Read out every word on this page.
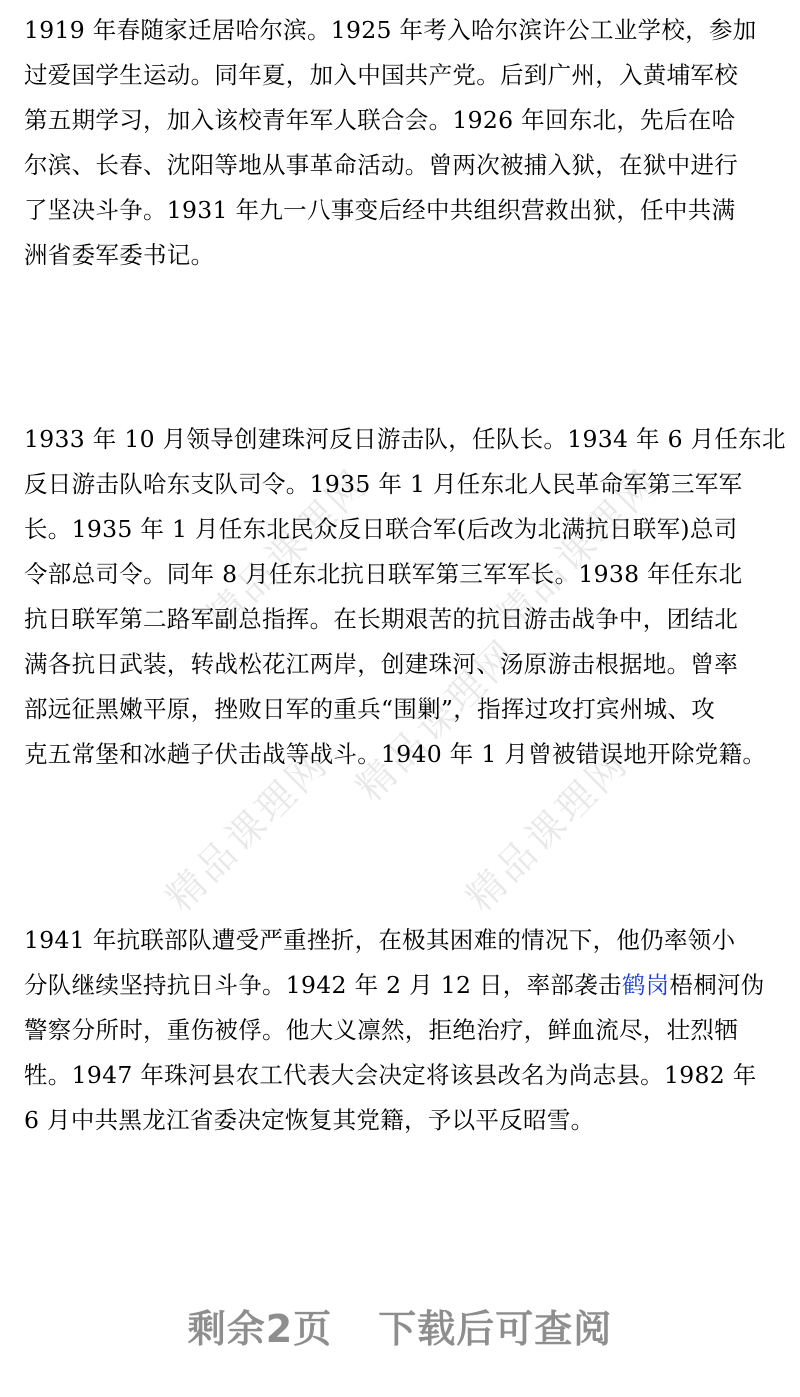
精品课理网	精品课理网
精品课理网
精品课理网	精品课理网

1919 年春随家迁居哈尔滨。1925 年考入哈尔滨许公工业学校，参加
过爱国学生运动。同年夏，加入中国共产党。后到广州，入黄埔军校
第五期学习，加入该校青年军人联合会。1926 年回东北，先后在哈
尔滨、长春、沈阳等地从事革命活动。曾两次被捕入狱，在狱中进行
了坚决斗争。1931 年九一八事变后经中共组织营救出狱，任中共满
洲省委军委书记。

1933 年 10 月领导创建珠河反日游击队，任队长。1934 年 6 月任东北
反日游击队哈东支队司令。1935 年 1 月任东北人民革命军第三军军
长。1935 年 1 月任东北民众反日联合军(后改为北满抗日联军)总司
令部总司令。同年 8 月任东北抗日联军第三军军长。1938 年任东北
抗日联军第二路军副总指挥。在长期艰苦的抗日游击战争中，团结北
满各抗日武装，转战松花江两岸，创建珠河、汤原游击根据地。曾率
部远征黑嫩平原，挫败日军的重兵“围剿”，指挥过攻打宾州城、攻
克五常堡和冰趟子伏击战等战斗。1940 年 1 月曾被错误地开除党籍。

1941 年抗联部队遭受严重挫折，在极其困难的情况下，他仍率领小
分队继续坚持抗日斗争。1942 年 2 月 12 日，率部袭击鹤岗梧桐河伪
警察分所时，重伤被俘。他大义凛然，拒绝治疗，鲜血流尽，壮烈牺
牲。1947 年珠河县农工代表大会决定将该县改名为尚志县。1982 年
6 月中共黑龙江省委决定恢复其党籍，予以平反昭雪。

剩余2页 下载后可查阅
